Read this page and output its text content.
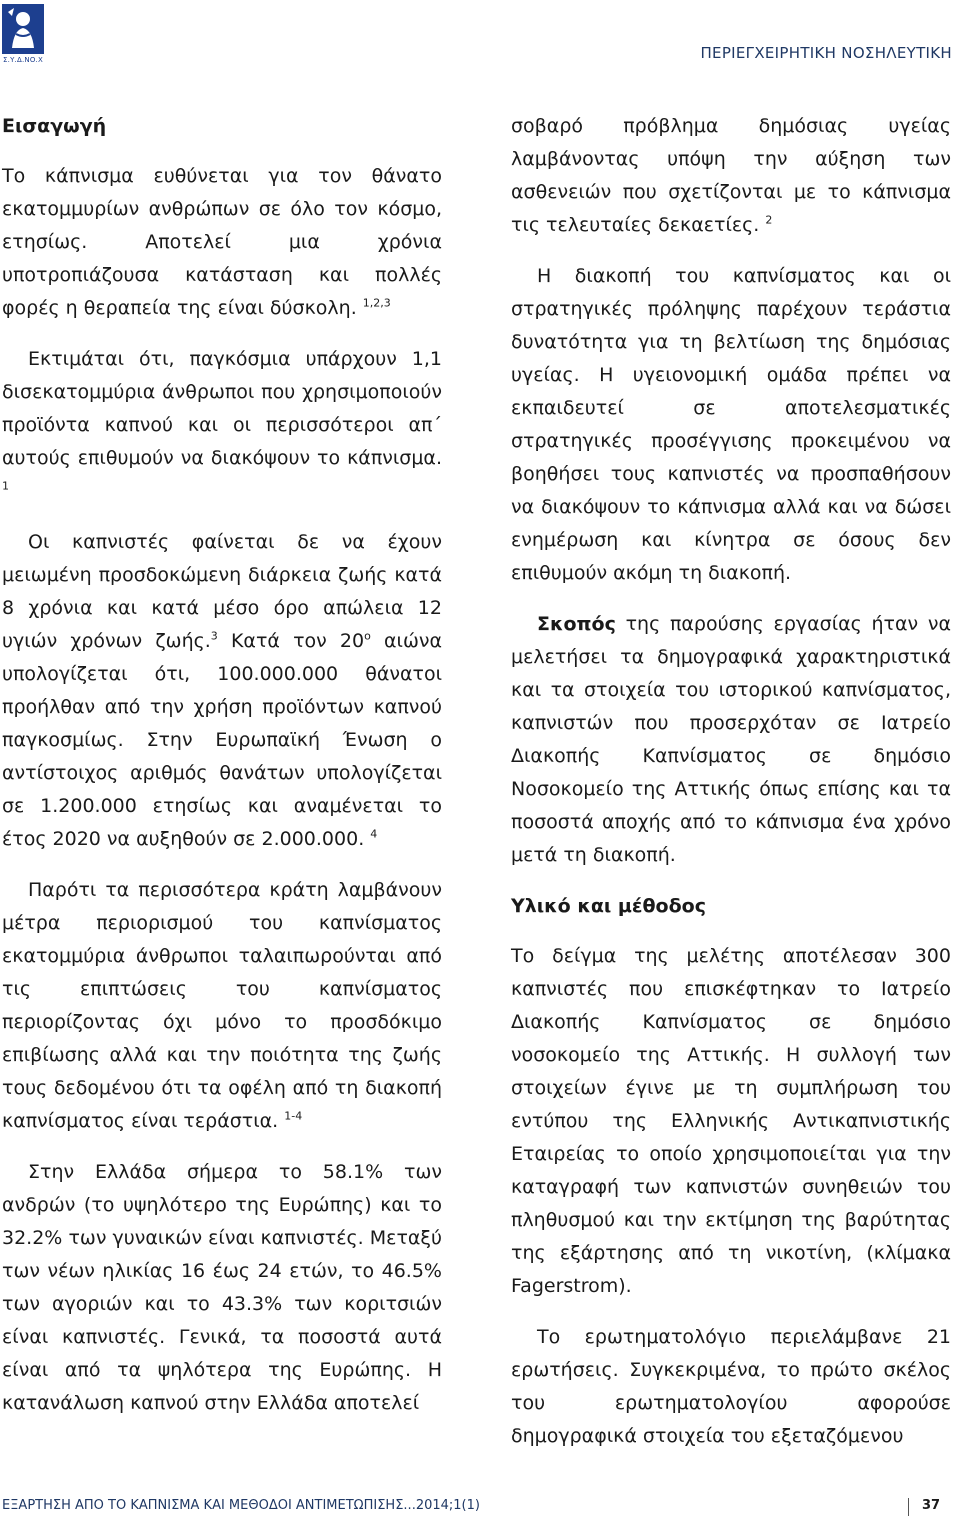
Σ.Υ.Δ.ΝΟ.Χ	ΠΕΡΙΕΓΧΕΙΡΗΤΙΚΗ ΝΟΣΗΛΕΥΤΙΚΗ
Εισαγωγή

Το κάπνισμα ευθύνεται για τον θάνατο εκατομμυρίων ανθρώπων σε όλο τον κόσμο, ετησίως. Αποτελεί μια χρόνια υποτροπιάζουσα κατάσταση και πολλές φορές η θεραπεία της είναι δύσκολη. $^{1,2,3}$

Εκτιμάται ότι, παγκόσμια υπάρχουν 1,1 δισεκατομμύρια άνθρωποι που χρησιμοποιούν προϊόντα καπνού και οι περισσότεροι απ΄ αυτούς επιθυμούν να διακόψουν το κάπνισμα. $^1$

Οι καπνιστές φαίνεται δε να έχουν μειωμένη προσδοκώμενη διάρκεια ζωής κατά 8 χρόνια και κατά μέσο όρο απώλεια 12 υγιών χρόνων ζωής.$^3$ Κατά τον $20^o$ αιώνα υπολογίζεται ότι, 100.000.000 θάνατοι προήλθαν από την χρήση προϊόντων καπνού παγκοσμίως. Στην Ευρωπαϊκή Ένωση ο αντίστοιχος αριθμός θανάτων υπολογίζεται σε 1.200.000 ετησίως και αναμένεται το έτος 2020 να αυξηθούν σε 2.000.000. $^4$

Παρότι τα περισσότερα κράτη λαμβάνουν μέτρα περιορισμού του καπνίσματος εκατομμύρια άνθρωποι ταλαιπωρούνται από τις επιπτώσεις του καπνίσματος περιορίζοντας όχι μόνο το προσδόκιμο επιβίωσης αλλά και την ποιότητα της ζωής τους δεδομένου ότι τα οφέλη από τη διακοπή καπνίσματος είναι τεράστια. $^{1-4}$

Στην Ελλάδα σήμερα το 58.1% των ανδρών (το υψηλότερο της Ευρώπης) και το 32.2% των γυναικών είναι καπνιστές. Μεταξύ των νέων ηλικίας 16 έως 24 ετών, το 46.5% των αγοριών και το 43.3% των κοριτσιών είναι καπνιστές. Γενικά, τα ποσοστά αυτά είναι από τα ψηλότερα της Ευρώπης. Η κατανάλωση καπνού στην Ελλάδα αποτελεί

σοβαρό πρόβλημα δημόσιας υγείας λαμβάνοντας υπόψη την αύξηση των ασθενειών που σχετίζονται με το κάπνισμα τις τελευταίες δεκαετίες. $^2$

Η διακοπή του καπνίσματος και οι στρατηγικές πρόληψης παρέχουν τεράστια δυνατότητα για τη βελτίωση της δημόσιας υγείας. Η υγειονομική ομάδα πρέπει να εκπαιδευτεί σε αποτελεσματικές στρατηγικές προσέγγισης προκειμένου να βοηθήσει τους καπνιστές να προσπαθήσουν να διακόψουν το κάπνισμα αλλά και να δώσει ενημέρωση και κίνητρα σε όσους δεν επιθυμούν ακόμη τη διακοπή.

Σκοπός της παρούσης εργασίας ήταν να μελετήσει τα δημογραφικά χαρακτηριστικά και τα στοιχεία του ιστορικού καπνίσματος, καπνιστών που προσερχόταν σε Ιατρείο Διακοπής Καπνίσματος σε δημόσιο Νοσοκομείο της Αττικής όπως επίσης και τα ποσοστά αποχής από το κάπνισμα ένα χρόνο μετά τη διακοπή.

Υλικό και μέθοδος

Το δείγμα της μελέτης αποτέλεσαν 300 καπνιστές που επισκέφτηκαν το Ιατρείο Διακοπής Καπνίσματος σε δημόσιο νοσοκομείο της Αττικής. Η συλλογή των στοιχείων έγινε με τη συμπλήρωση του εντύπου της Ελληνικής Αντικαπνιστικής Εταιρείας το οποίο χρησιμοποιείται για την καταγραφή των καπνιστών συνηθειών του πληθυσμού και την εκτίμηση της βαρύτητας της εξάρτησης από τη νικοτίνη, (κλίμακα Fagerstrom).

Το ερωτηματολόγιο περιελάμβανε 21 ερωτήσεις. Συγκεκριμένα, το πρώτο σκέλος του ερωτηματολογίου αφορούσε δημογραφικά στοιχεία του εξεταζόμενου

ΕΞΑΡΤΗΣΗ ΑΠΟ ΤΟ ΚΑΠΝΙΣΜΑ ΚΑΙ ΜΕΘΟΔΟΙ ΑΝΤΙΜΕΤΩΠΙΣΗΣ...2014;1(1)	37
